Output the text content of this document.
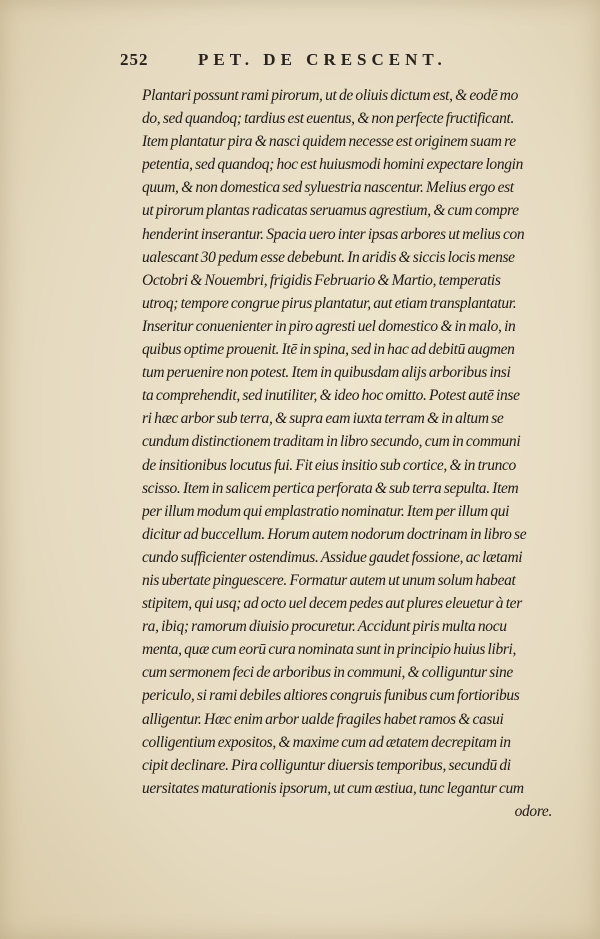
252	PET. DE CRESCENT.
Plantari possunt rami pirorum, ut de oliuis dictum est, & eodē mo
do, sed quandoq; tardius est euentus, & non perfecte fructificant.
Item plantatur pira & nasci quidem necesse est originem suam re
petentia, sed quandoq; hoc est huiusmodi homini expectare longin
quum, & non domestica sed syluestria nascentur. Melius ergo est
ut pirorum plantas radicatas seruamus agrestium, & cum compre
henderint inserantur. Spacia uero inter ipsas arbores ut melius con
ualescant 30 pedum esse debebunt. In aridis & siccis locis mense
Octobri & Nouembri, frigidis Februario & Martio, temperatis
utroq; tempore congrue pirus plantatur, aut etiam transplantatur.
Inseritur conuenienter in piro agresti uel domestico & in malo, in
quibus optime prouenit. Itē in spina, sed in hac ad debitū augmen
tum peruenire non potest. Item in quibusdam alijs arboribus insi
ta comprehendit, sed inutiliter, & ideo hoc omitto. Potest autē inse
ri hæc arbor sub terra, & supra eam iuxta terram & in altum se
cundum distinctionem traditam in libro secundo, cum in communi
de insitionibus locutus fui. Fit eius insitio sub cortice, & in trunco
scisso. Item in salicem pertica perforata & sub terra sepulta. Item
per illum modum qui emplastratio nominatur. Item per illum qui
dicitur ad buccellum. Horum autem nodorum doctrinam in libro se
cundo sufficienter ostendimus. Assidue gaudet fossione, ac lætami
nis ubertate pinguescere. Formatur autem ut unum solum habeat
stipitem, qui usq; ad octo uel decem pedes aut plures eleuetur à ter
ra, ibiq; ramorum diuisio procuretur. Accidunt piris multa nocu
menta, quæ cum eorū cura nominata sunt in principio huius libri,
cum sermonem feci de arboribus in communi, & colliguntur sine
periculo, si rami debiles altiores congruis funibus cum fortioribus
alligentur. Hæc enim arbor ualde fragiles habet ramos & casui
colligentium expositos, & maxime cum ad ætatem decrepitam in
cipit declinare. Pira colliguntur diuersis temporibus, secundū di
uersitates maturationis ipsorum, ut cum æstiua, tunc legantur cum
odore.
